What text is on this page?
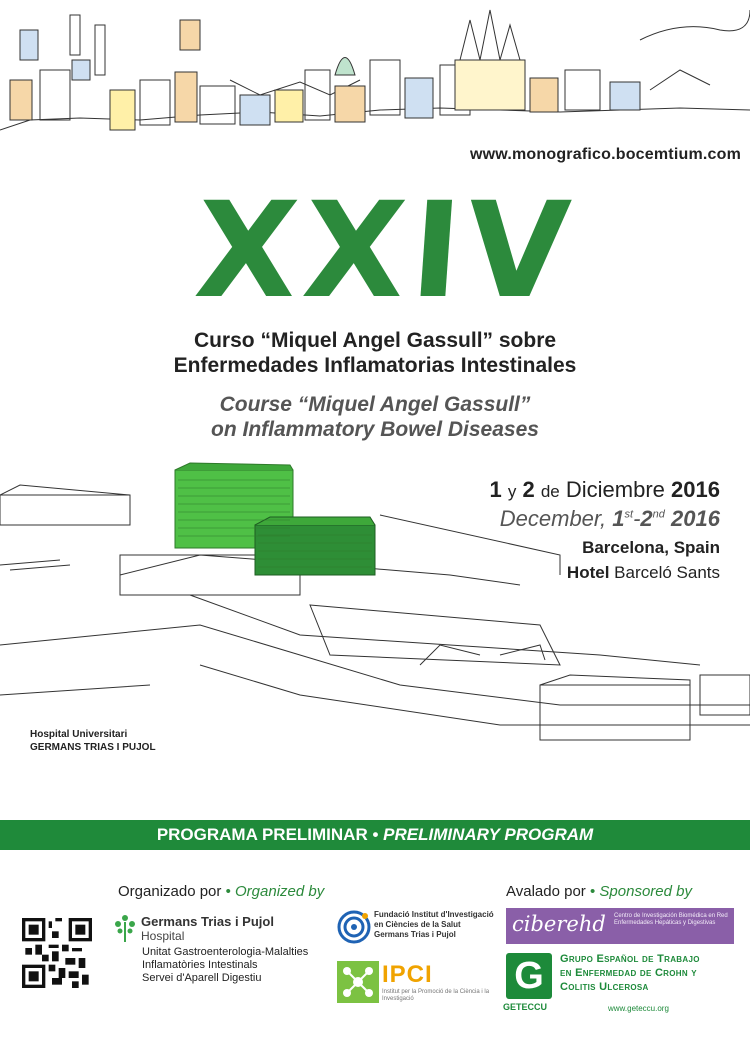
www.monografico.bocemtium.com
XXIV
Curso “Miquel Angel Gassull” sobre
Enfermedades Inflamatorias Intestinales
Course “Miquel Angel Gassull”
on Inflammatory Bowel Diseases
1 y 2 de Diciembre 2016
December, 1st-2nd 2016
Barcelona, Spain
Hotel Barceló Sants
Hospital Universitari
GERMANS TRIAS I PUJOL
PROGRAMA PRELIMINAR • PRELIMINARY PROGRAM
Organizado por • Organized by	Avalado por • Sponsored by
Germans Trias i Pujol
Hospital
Unitat Gastroenterologia-Malalties
Inflamatòries Intestinals
Servei d'Aparell Digestiu
Fundació Institut d'Investigació
en Ciències de la Salut
Germans Trias i Pujol
IPCI
Institut per la Promoció de la Ciència i la Investigació
ciberehd Centro de Investigación Biomédica en Red Enfermedades Hepáticas y Digestivas
G
GETECCU
Grupo Español de Trabajo
en Enfermedad de Crohn y
Colitis Ulcerosa
www.geteccu.org
